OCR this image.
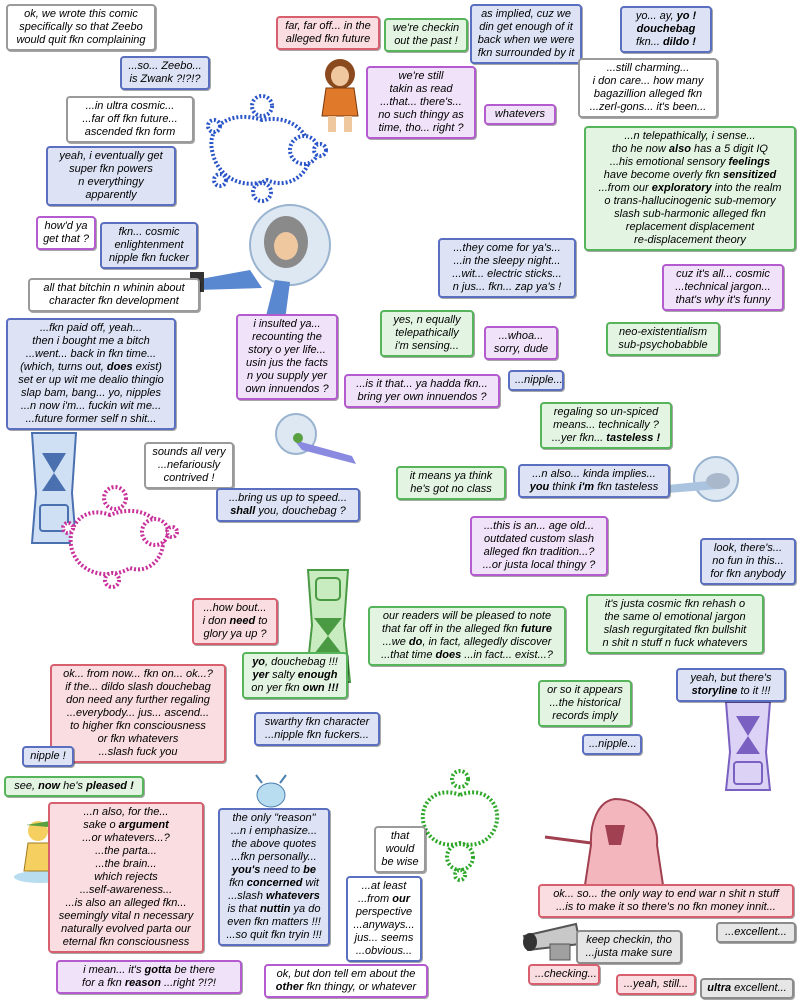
ok, we wrote this comic
specifically so that Zeebo
would quit fkn complaining
far, far off... in the
alleged fkn future
we're checkin
out the past !
as implied, cuz we
din get enough of it
back when we were
fkn surrounded by it
yo... ay, yo !
douchebag
fkn... dildo !
...so... Zeebo...
is Zwank ?!?!?	we're still
takin as read
...that... there's...
no such thingy as
time, tho... right ?
whatevers
...still charming...
i don care... how many
bagazillion alleged fkn
...zerl-gons... it's been...
...in ultra cosmic...
...far off fkn future...
ascended fkn form
yeah, i eventually get
super fkn powers
n everythingy
apparently
...n telepathically, i sense...
tho he now also has a 5 digit IQ
...his emotional sensory feelings
have become overly fkn sensitized
...from our exploratory into the realm
o trans-hallucinogenic sub-memory
slash sub-harmonic alleged fkn
replacement displacement
re-displacement theory
how'd ya
get that ?
fkn... cosmic
enlightenment
nipple fkn fucker
...they come for ya's...
...in the sleepy night...
...wit... electric sticks...
n jus... fkn... zap ya's !
cuz it's all... cosmic
...technical jargon...
that's why it's funny
all that bitchin n whinin about
character fkn development
...fkn paid off, yeah...
then i bought me a bitch
...went... back in fkn time...
(which, turns out, does exist)
set er up wit me dealio thingio
slap bam, bang... yo, nipples
...n now i'm... fuckin wit me...
...future former self n shit...
i insulted ya...
recounting the
story o yer life...
usin jus the facts
n you supply yer
own innuendos ?
yes, n equally
telepathically
i'm sensing...
...whoa...
sorry, dude
neo-existentialism
sub-psychobabble
...nipple...
...is it that... ya hadda fkn...
bring yer own innuendos ?
regaling so un-spiced
means... technically ?
...yer fkn... tasteless !
sounds all very
...nefariously
contrived !
...bring us up to speed...
shall you, douchebag ?
it means ya think
he's got no class
...n also... kinda implies...
you think i'm fkn tasteless
...this is an... age old...
outdated custom slash
alleged fkn tradition...?
...or justa local thingy ?
look, there's...
no fun in this...
for fkn anybody
...how bout...
i don need to
glory ya up ?
our readers will be pleased to note
that far off in the alleged fkn future
...we do, in fact, allegedly discover
...that time does ...in fact... exist...?
it's justa cosmic fkn rehash o
the same ol emotional jargon
slash regurgitated fkn bullshit
n shit n stuff n fuck whatevers
ok... from now... fkn on... ok...?
if the... dildo slash douchebag
don need any further regaling
...everybody... jus... ascend...
to higher fkn consciousness
or fkn whatevers
...slash fuck you
yo, douchebag !!!
yer salty enough
on yer fkn own !!!	or so it appears
...the historical
records imply
yeah, but there's
storyline to it !!!
swarthy fkn character
...nipple fkn fuckers...
...nipple...
nipple !
see, now he's pleased !
...n also, for the...
sake o argument
...or whatevers...?
...the parta...
...the brain...
which rejects
...self-awareness...
...is also an alleged fkn...
seemingly vital n necessary
naturally evolved parta our
eternal fkn consciousness
the only "reason"
...n i emphasize...
the above quotes
...fkn personally...
you's need to be
fkn concerned wit
...slash whatevers
is that nuttin ya do
even fkn matters !!!
...so quit fkn tryin !!!
that
would
be wise
...at least
...from our
perspective
...anyways...
jus... seems
...obvious...
ok... so... the only way to end war n shit n stuff
...is to make it so there's no fkn money innit...
...excellent...
keep checkin, tho
...justa make sure
i mean... it's gotta be there
for a fkn reason ...right ?!?!
ok, but don tell em about the
other fkn thingy, or whatever
...checking...
...yeah, still... ultra excellent...
